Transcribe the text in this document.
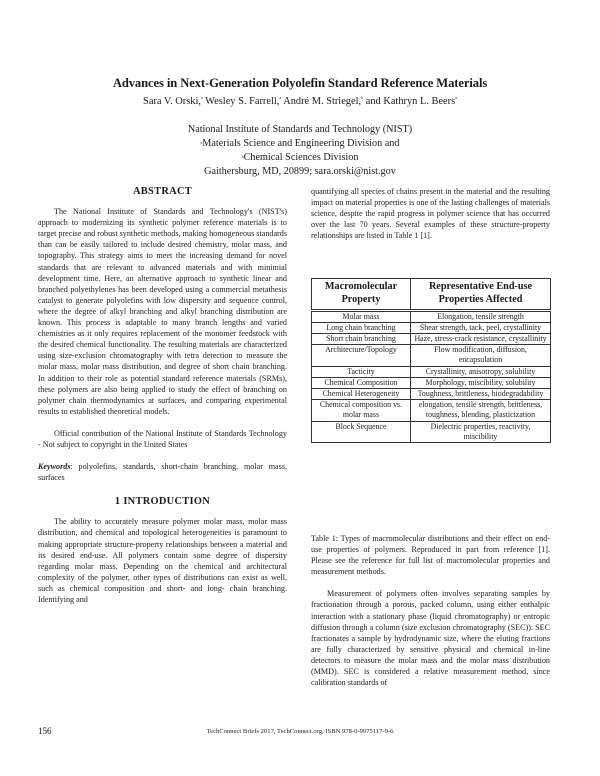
Advances in Next-Generation Polyolefin Standard Reference Materials
Sara V. Orski,$^a$ Wesley S. Farrell,$^a$ André M. Striegel,$^b$ and Kathryn L. Beers$^a$
National Institute of Standards and Technology (NIST)
$^a$Materials Science and Engineering Division and
$^b$Chemical Sciences Division
Gaithersburg, MD, 20899; sara.orski@nist.gov
ABSTRACT

The National Institute of Standards and Technology's (NIST's) approach to modernizing its synthetic polymer reference materials is to target precise and robust synthetic methods, making homogeneous standards than can be easily tailored to include desired chemistry, molar mass, and topography. This strategy aims to meet the increasing demand for novel standards that are relevant to advanced materials and with minimial development time. Here, an alternative approach to synthetic linear and branched polyethylenes has been developed using a commercial metathesis catalyst to generate polyolefins with low dispersity and sequence control, where the degree of alkyl branching and alkyl branching distribution are known. This process is adaptable to many branch lengths and varied chemistries as it only requires replacement of the monomer feedstock with the desired chemical functionality. The resulting materials are characterized using size-exclusion chromatography with tetra detection to measure the molar mass, molar mass distribution, and degree of short chain branching. In addition to their role as potential standard reference materials (SRMs), these polymers are also being applied to study the effect of branching on polymer chain thermodynamics at surfaces, and comparing experimental results to established theoretical models.

Official contribution of the National Institute of Standards Technology - Not subject to copyright in the United States

Keywords: polyolefins, standards, short-chain branching, molar mass, surfaces

1 INTRODUCTION

The ability to accurately measure polymer molar mass, molar mass distribution, and chemical and topological heterogeneities is paramount to making appropriate structure-property relationships between a material and its desired end-use. All polymers contain some degree of dispersity regarding molar mass. Depending on the chemical and architectural complexity of the polymer, other types of distributions can exist as well, such as chemical composition and short- and long- chain branching. Identifying and

quantifying all species of chains present in the material and the resulting impact on material properties is one of the lasting challenges of materials science, despite the rapid progress in polymer science that has occurred over the last 70 years. Several examples of these structure-property relationships are listed in Table 1 [1].

Macromolecular Property	Representative End-use Properties Affected
Molar mass	Elongation, tensile strength
Long chain branching	Shear strength, tack, peel, crystallinity
Short chain branching	Haze, stress-crack resistance, crystallinity
Architecture/Topology	Flow modification, diffusion, encapsulation
Tacticity	Crystallinity, anisotropy, solubility
Chemical Composition	Morphology, miscibility, solubility
Chemical Heterogeneity	Toughness, brittleness, biodegradability
Chemical composition vs. molar mass	elongation, tensile strength, brittleness, toughness, blending, plasticization
Block Sequence	Dielectric properties, reactivity, miscibility

Table 1: Types of macromolecular distributions and their effect on end-use properties of polymers. Reproduced in part from reference [1]. Please see the reference for full list of macromolecular properties and measurement methods.

Measurement of polymers often involves separating samples by fractionation through a porous, packed column, using either enthalpic interaction with a stationary phase (liquid chromatography) or entropic diffusion through a column (size exclusion chromatography (SEC)). SEC fractionates a sample by hydrodynamic size, where the eluting fractions are fully characterized by sensitive physical and chemical in-line detectors to measure the molar mass and the molar mass distribution (MMD). SEC is considered a relative measurement method, since calibration standards of

156	TechConnect Briefs 2017, TechConnect.org, ISBN 978-0-9975117-9-6
